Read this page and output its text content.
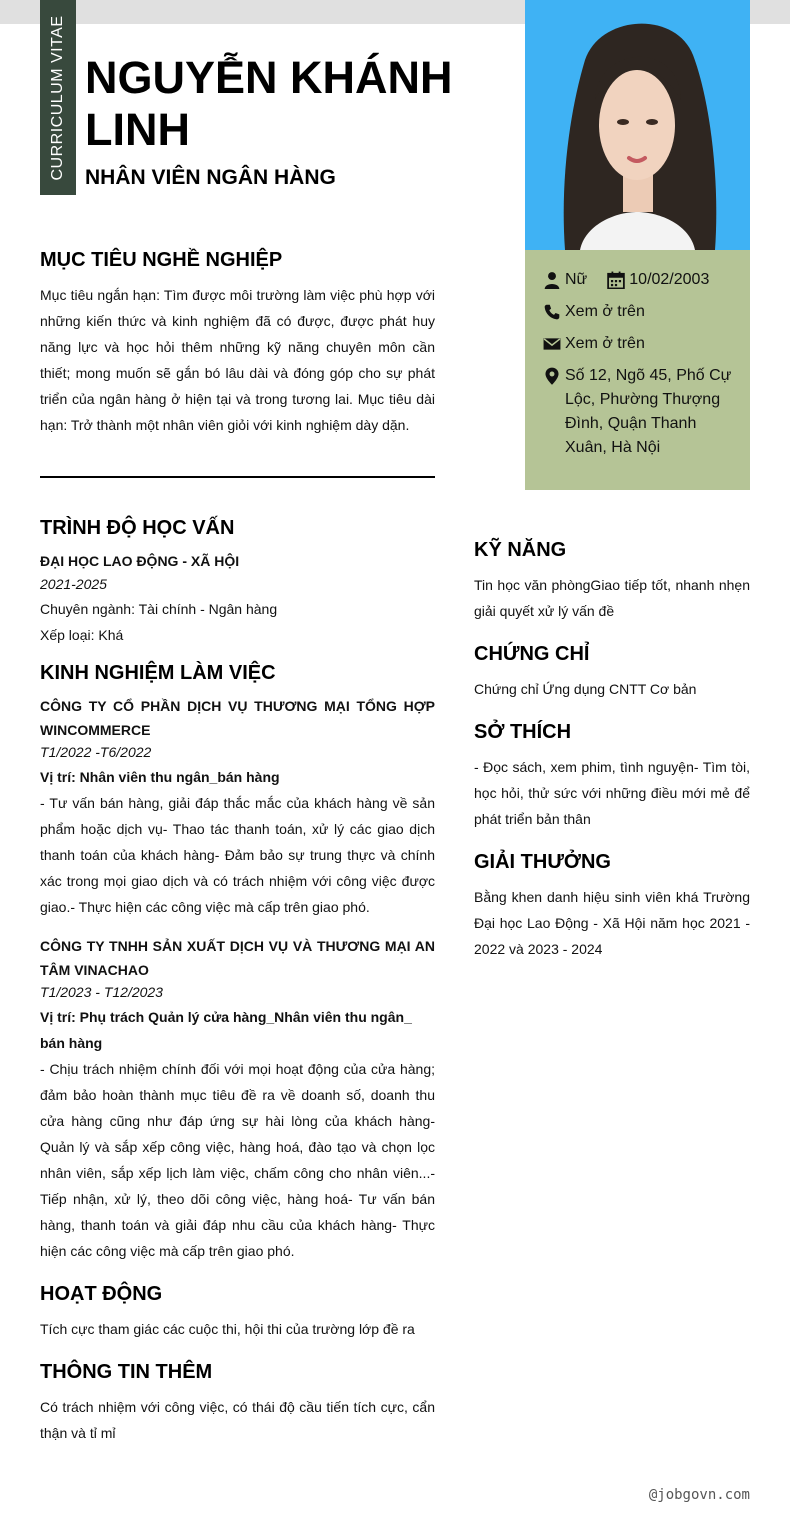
CURRICULUM VITAE NGUYỄN KHÁNH LINH
NHÂN VIÊN NGÂN HÀNG
Nữ	10/02/2003
Xem ở trên
Xem ở trên
Số 12, Ngõ 45, Phố Cự Lộc, Phường Thượng Đình, Quận Thanh Xuân, Hà Nội
MỤC TIÊU NGHỀ NGHIỆP
Mục tiêu ngắn hạn: Tìm được môi trường làm việc phù hợp với những kiến thức và kinh nghiệm đã có được, được phát huy năng lực và học hỏi thêm những kỹ năng chuyên môn cần thiết; mong muốn sẽ gắn bó lâu dài và đóng góp cho sự phát triển của ngân hàng ở hiện tại và trong tương lai. Mục tiêu dài hạn: Trở thành một nhân viên giỏi với kinh nghiệm dày dặn.
TRÌNH ĐỘ HỌC VẤN
ĐẠI HỌC LAO ĐỘNG - XÃ HỘI
2021-2025
Chuyên ngành: Tài chính - Ngân hàng
Xếp loại: Khá
KINH NGHIỆM LÀM VIỆC
CÔNG TY CỔ PHẦN DỊCH VỤ THƯƠNG MẠI TỔNG HỢP WINCOMMERCE
T1/2022 -T6/2022
Vị trí: Nhân viên thu ngân_bán hàng
- Tư vấn bán hàng, giải đáp thắc mắc của khách hàng về sản phẩm hoặc dịch vụ- Thao tác thanh toán, xử lý các giao dịch thanh toán của khách hàng- Đảm bảo sự trung thực và chính xác trong mọi giao dịch và có trách nhiệm với công việc được giao.- Thực hiện các công việc mà cấp trên giao phó.
CÔNG TY TNHH SẢN XUẤT DỊCH VỤ VÀ THƯƠNG MẠI AN TÂM VINACHAO
T1/2023 - T12/2023
Vị trí: Phụ trách Quản lý cửa hàng_Nhân viên thu ngân_ bán hàng
- Chịu trách nhiệm chính đối với mọi hoạt động của cửa hàng; đảm bảo hoàn thành mục tiêu đề ra về doanh số, doanh thu cửa hàng cũng như đáp ứng sự hài lòng của khách hàng- Quản lý và sắp xếp công việc, hàng hoá, đào tạo và chọn lọc nhân viên, sắp xếp lịch làm việc, chấm công cho nhân viên...- Tiếp nhận, xử lý, theo dõi công việc, hàng hoá- Tư vấn bán hàng, thanh toán và giải đáp nhu cầu của khách hàng- Thực hiện các công việc mà cấp trên giao phó.
HOẠT ĐỘNG
Tích cực tham giác các cuộc thi, hội thi của trường lớp đề ra
THÔNG TIN THÊM
Có trách nhiệm với công việc, có thái độ cầu tiến tích cực, cẩn thận và tỉ mỉ
KỸ NĂNG
Tin học văn phòngGiao tiếp tốt, nhanh nhẹn giải quyết xử lý vấn đề
CHỨNG CHỈ
Chứng chỉ Ứng dụng CNTT Cơ bản
SỞ THÍCH
- Đọc sách, xem phim, tình nguyện- Tìm tòi, học hỏi, thử sức với những điều mới mẻ để phát triển bản thân
GIẢI THƯỞNG
Bằng khen danh hiệu sinh viên khá Trường Đại học Lao Động - Xã Hội năm học 2021 - 2022 và 2023 - 2024
@jobgovn.com
